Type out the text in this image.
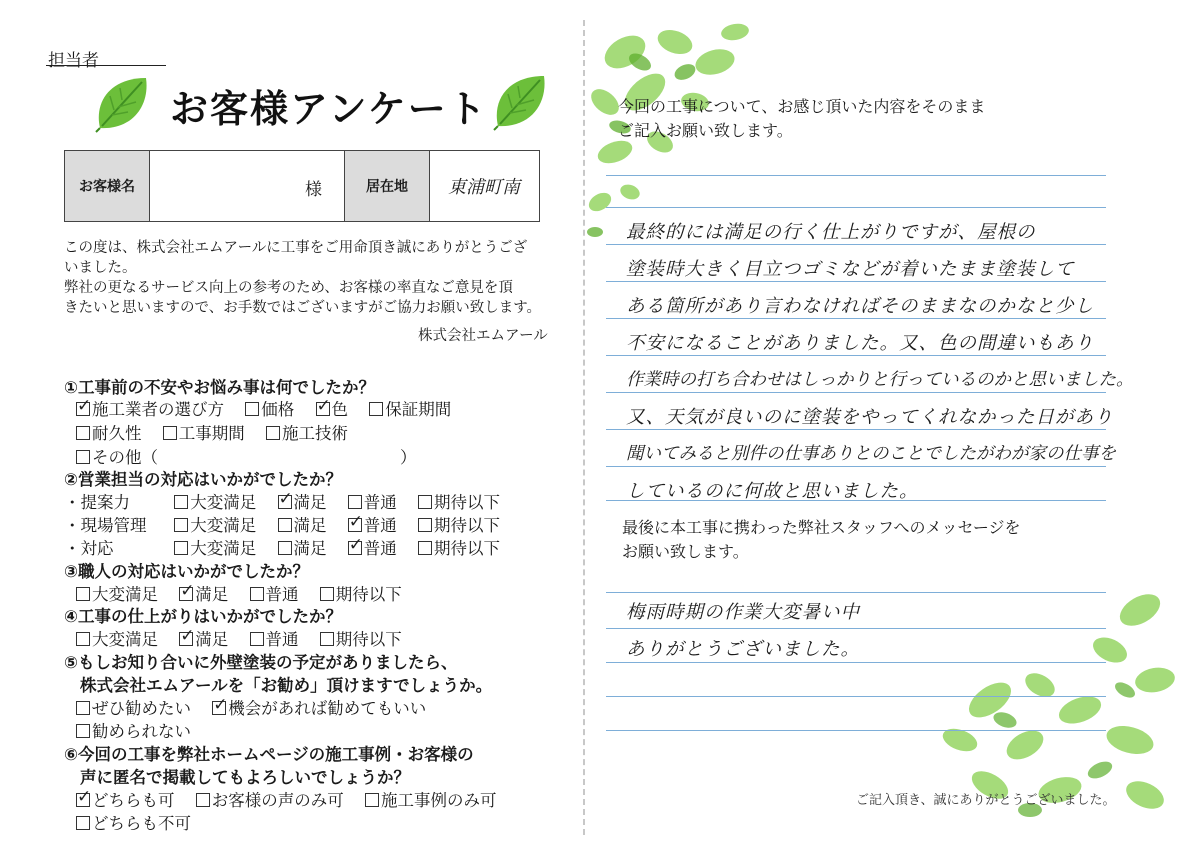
担当者
お客様アンケート
お客様名	様	居在地	東浦町南

この度は、株式会社エムアールに工事をご用命頂き誠にありがとうござ

いました。

弊社の更なるサービス向上の参考のため、お客様の率直なご意見を頂

きたいと思いますので、お手数ではございますがご協力お願い致します。

株式会社エムアール
①工事前の不安やお悩み事は何でしたか？
✓施工業者の選び方 価格 ✓ 色 保証期間
耐久性 工事期間 施工技術
その他（	）
②営業担当の対応はいかがでしたか？
・提案力	大変満足 ✓ 満足 普通 期待以下
・現場管理	大変満足 満足 ✓ 普通 期待以下
・対応	大変満足 満足 ✓ 普通 期待以下
③職人の対応はいかがでしたか？
大変満足 ✓ 満足 普通 期待以下
④工事の仕上がりはいかがでしたか？
大変満足 ✓ 満足 普通 期待以下
⑤もしお知り合いに外壁塗装の予定がありましたら、
株式会社エムアールを「お勧め」頂けますでしょうか。
ぜひ勧めたい ✓ 機会があれば勧めてもいい
勧められない
⑥今回の工事を弊社ホームページの施工事例・お客様の
声に匿名で掲載してもよろしいでしょうか？
✓どちらも可 お客様の声のみ可 施工事例のみ可
どちらも不可
今回の工事について、お感じ頂いた内容をそのまま
ご記入お願い致します。
最終的には満足の行く仕上がりですが、屋根の
塗装時大きく目立つゴミなどが着いたまま塗装して
ある箇所があり言わなければそのままなのかなと少し
不安になることがありました。又、色の間違いもあり
作業時の打ち合わせはしっかりと行っているのかと思いました。
又、天気が良いのに塗装をやってくれなかった日があり
聞いてみると別件の仕事ありとのことでしたがわが家の仕事を
しているのに何故と思いました。
最後に本工事に携わった弊社スタッフへのメッセージを
お願い致します。
梅雨時期の作業大変暑い中
ありがとうございました。
ご記入頂き、誠にありがとうございました。
